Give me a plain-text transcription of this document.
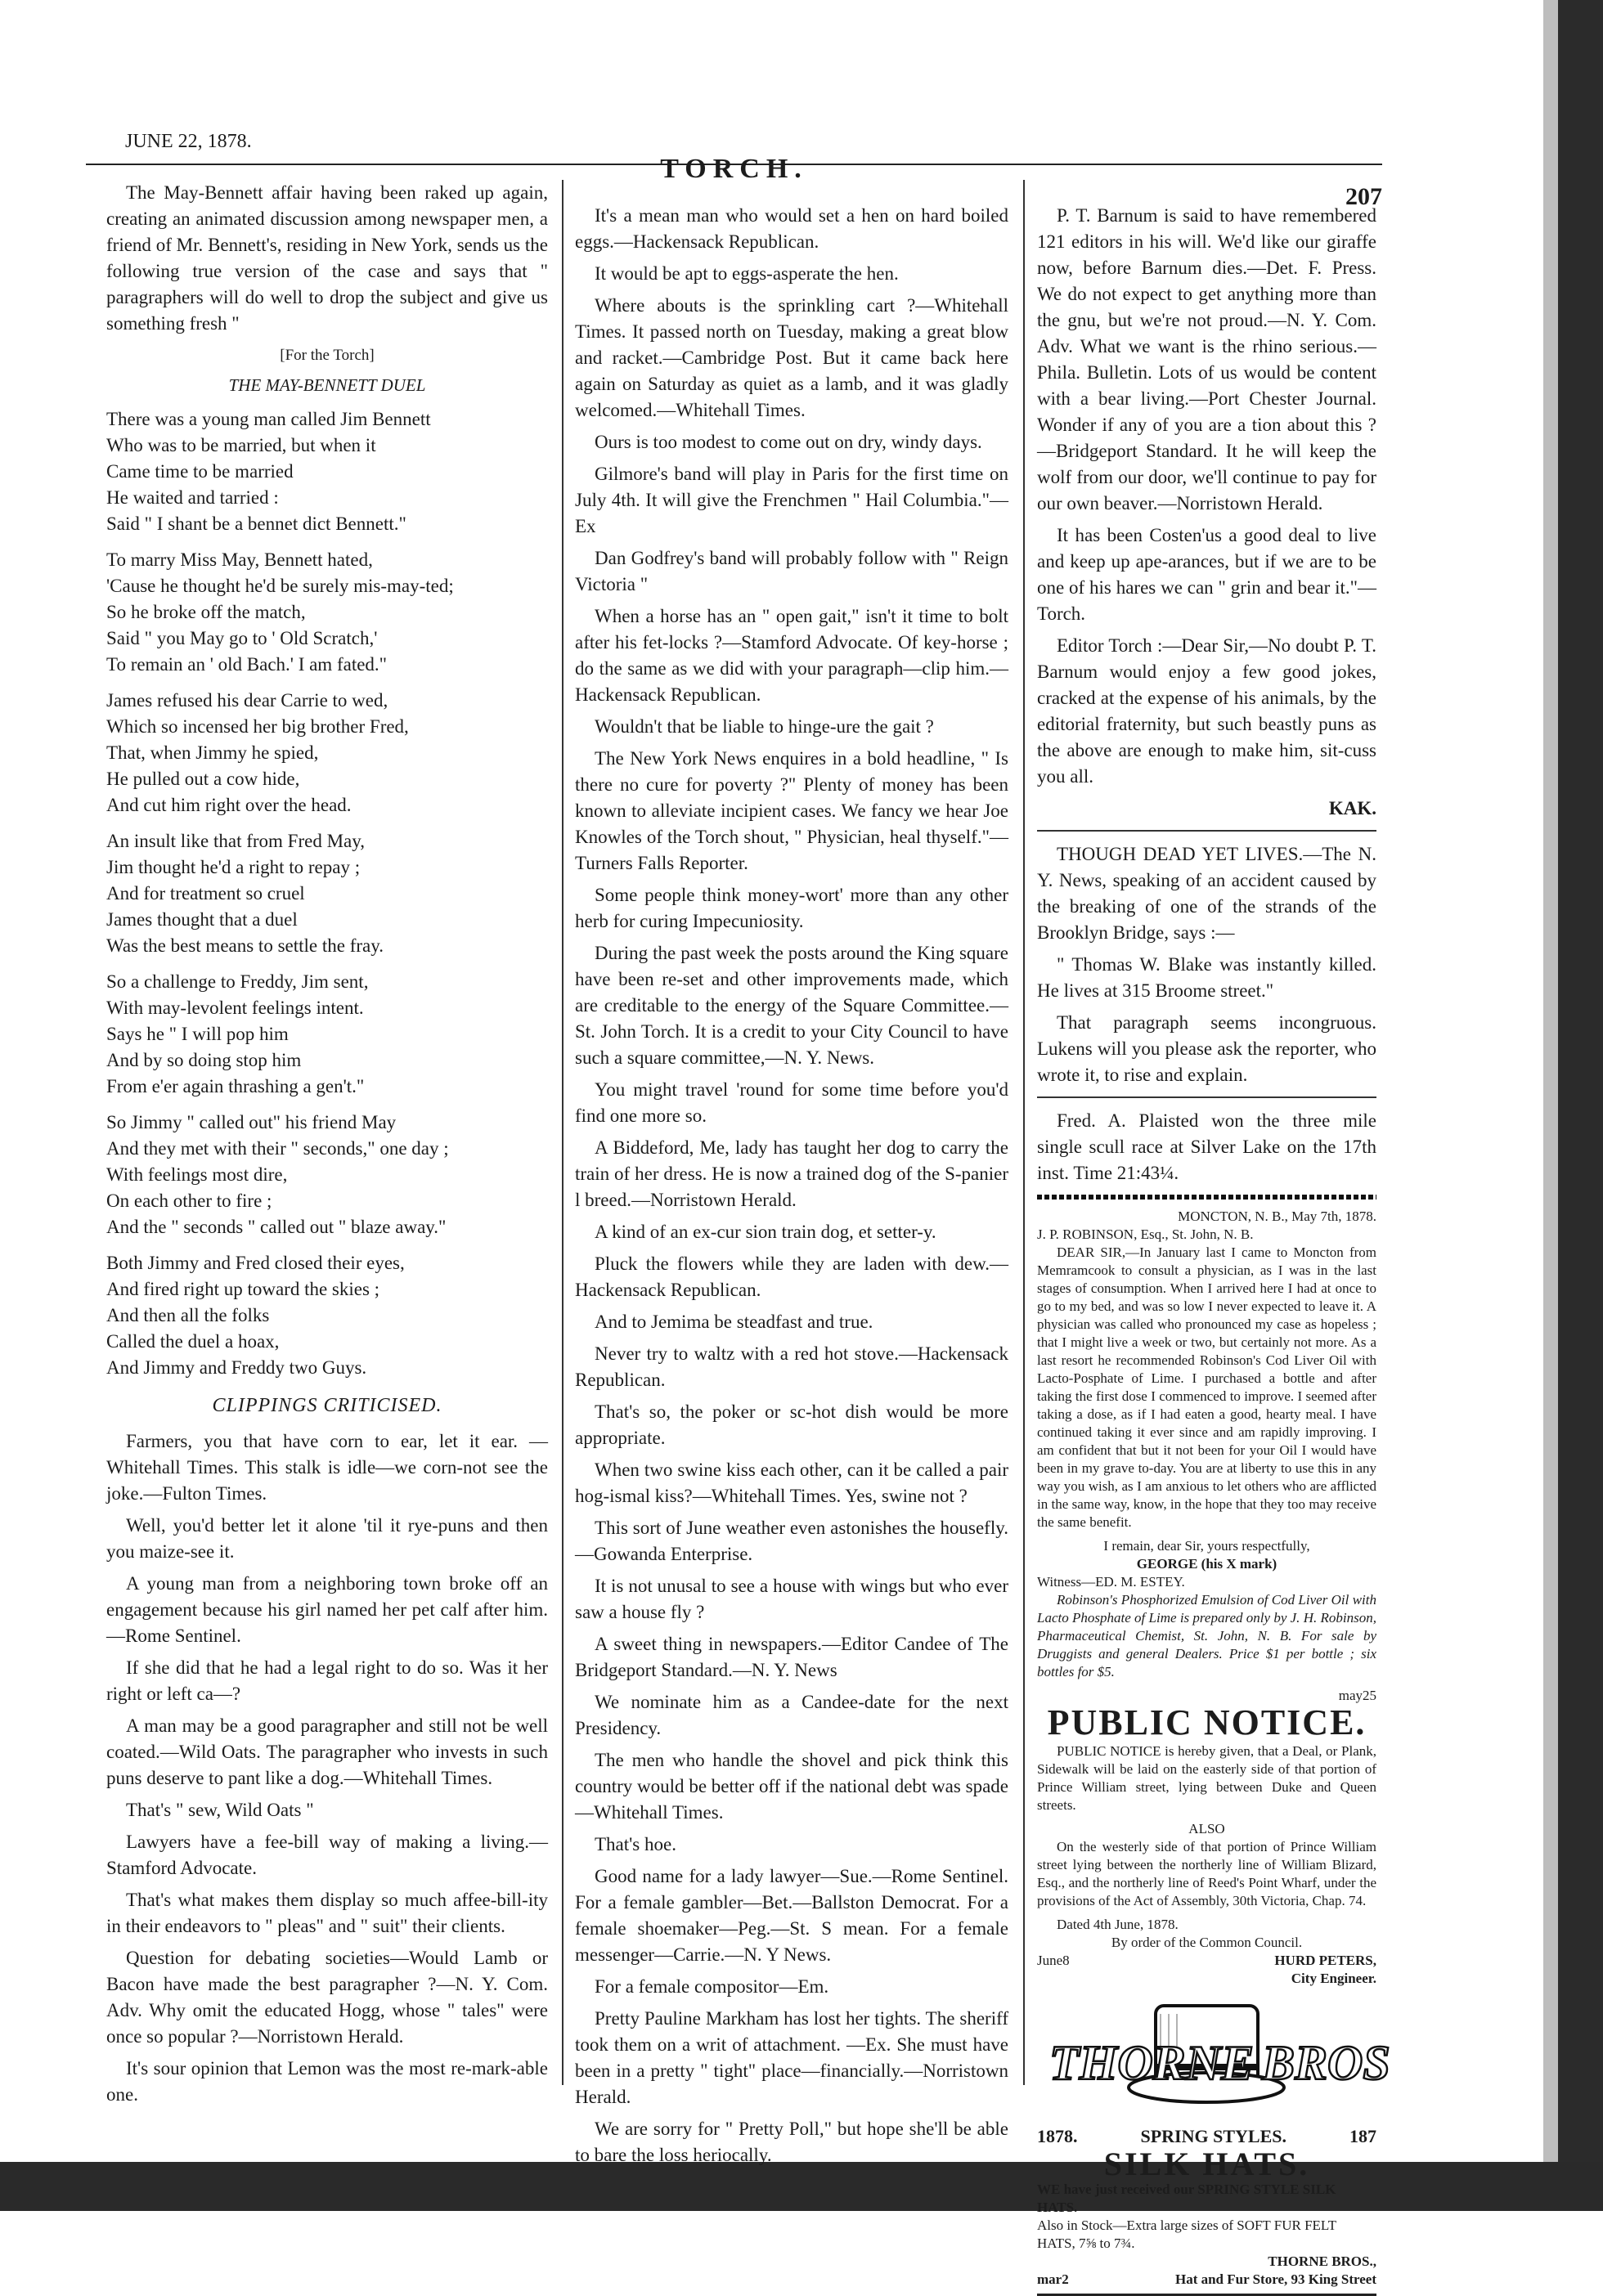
JUNE 22, 1878.
TORCH.
207

The May-Bennett affair having been raked up again, creating an animated discussion among newspaper men, a friend of Mr. Bennett's, residing in New York, sends us the following true version of the case and says that " paragraphers will do well to drop the subject and give us something fresh "

[For the Torch]
THE MAY-BENNETT DUEL
There was a young man called Jim Bennett
Who was to be married, but when it
Came time to be married
He waited and tarried :
Said " I shant be a bennet dict Bennett."
To marry Miss May, Bennett hated,
'Cause he thought he'd be surely mis-may-ted;
So he broke off the match,
Said " you May go to ' Old Scratch,'
To remain an ' old Bach.' I am fated."
James refused his dear Carrie to wed,
Which so incensed her big brother Fred,
That, when Jimmy he spied,
He pulled out a cow hide,
And cut him right over the head.
An insult like that from Fred May,
Jim thought he'd a right to repay ;
And for treatment so cruel
James thought that a duel
Was the best means to settle the fray.
So a challenge to Freddy, Jim sent,
With may-levolent feelings intent.
Says he " I will pop him
And by so doing stop him
From e'er again thrashing a gen't."
So Jimmy " called out" his friend May
And they met with their " seconds," one day ;
With feelings most dire,
On each other to fire ;
And the " seconds " called out " blaze away."
Both Jimmy and Fred closed their eyes,
And fired right up toward the skies ;
And then all the folks
Called the duel a hoax,
And Jimmy and Freddy two Guys.
CLIPPINGS CRITICISED.

Farmers, you that have corn to ear, let it ear. —Whitehall Times. This stalk is idle—we corn-not see the joke.—Fulton Times.

Well, you'd better let it alone 'til it rye-puns and then you maize-see it.

A young man from a neighboring town broke off an engagement because his girl named her pet calf after him.—Rome Sentinel.

If she did that he had a legal right to do so. Was it her right or left ca—?

A man may be a good paragrapher and still not be well coated.—Wild Oats. The paragrapher who invests in such puns deserve to pant like a dog.—Whitehall Times.

That's " sew, Wild Oats "

Lawyers have a fee-bill way of making a living.—Stamford Advocate.

That's what makes them display so much affee-bill-ity in their endeavors to " pleas" and " suit" their clients.

Question for debating societies—Would Lamb or Bacon have made the best paragrapher ?—N. Y. Com. Adv. Why omit the educated Hogg, whose " tales" were once so popular ?—Norristown Herald.

It's sour opinion that Lemon was the most re-mark-able one.

It's a mean man who would set a hen on hard boiled eggs.—Hackensack Republican.

It would be apt to eggs-asperate the hen.

Where abouts is the sprinkling cart ?—Whitehall Times. It passed north on Tuesday, making a great blow and racket.—Cambridge Post. But it came back here again on Saturday as quiet as a lamb, and it was gladly welcomed.—Whitehall Times.

Ours is too modest to come out on dry, windy days.

Gilmore's band will play in Paris for the first time on July 4th. It will give the Frenchmen " Hail Columbia."—Ex

Dan Godfrey's band will probably follow with " Reign Victoria "

When a horse has an " open gait," isn't it time to bolt after his fet-locks ?—Stamford Advocate. Of key-horse ; do the same as we did with your paragraph—clip him.—Hackensack Republican.

Wouldn't that be liable to hinge-ure the gait ?

The New York News enquires in a bold headline, " Is there no cure for poverty ?" Plenty of money has been known to alleviate incipient cases. We fancy we hear Joe Knowles of the Torch shout, " Physician, heal thyself."—Turners Falls Reporter.

Some people think money-wort' more than any other herb for curing Impecuniosity.

During the past week the posts around the King square have been re-set and other improvements made, which are creditable to the energy of the Square Committee.—St. John Torch. It is a credit to your City Council to have such a square committee,—N. Y. News.

You might travel 'round for some time before you'd find one more so.

A Biddeford, Me, lady has taught her dog to carry the train of her dress. He is now a trained dog of the S-panier l breed.—Norristown Herald.

A kind of an ex-cur sion train dog, et setter-y.

Pluck the flowers while they are laden with dew.—Hackensack Republican.

And to Jemima be steadfast and true.

Never try to waltz with a red hot stove.—Hackensack Republican.

That's so, the poker or sc-hot dish would be more appropriate.

When two swine kiss each other, can it be called a pair hog-ismal kiss?—Whitehall Times. Yes, swine not ?

This sort of June weather even astonishes the housefly.—Gowanda Enterprise.

It is not unusal to see a house with wings but who ever saw a house fly ?

A sweet thing in newspapers.—Editor Candee of The Bridgeport Standard.—N. Y. News

We nominate him as a Candee-date for the next Presidency.

The men who handle the shovel and pick think this country would be better off if the national debt was spade —Whitehall Times.

That's hoe.

Good name for a lady lawyer—Sue.—Rome Sentinel. For a female gambler—Bet.—Ballston Democrat. For a female shoemaker—Peg.—St. S mean. For a female messenger—Carrie.—N. Y News.

For a female compositor—Em.

Pretty Pauline Markham has lost her tights. The sheriff took them on a writ of attachment. —Ex. She must have been in a pretty " tight" place—financially.—Norristown Herald.

We are sorry for " Pretty Poll," but hope she'll be able to bare the loss heriocally.

P. T. Barnum is said to have remembered 121 editors in his will. We'd like our giraffe now, before Barnum dies.—Det. F. Press. We do not expect to get anything more than the gnu, but we're not proud.—N. Y. Com. Adv. What we want is the rhino serious.—Phila. Bulletin. Lots of us would be content with a bear living.—Port Chester Journal. Wonder if any of you are a tion about this ?—Bridgeport Standard. It he will keep the wolf from our door, we'll continue to pay for our own beaver.—Norristown Herald.

It has been Costen'us a good deal to live and keep up ape-arances, but if we are to be one of his hares we can " grin and bear it."—Torch.

Editor Torch :—Dear Sir,—No doubt P. T. Barnum would enjoy a few good jokes, cracked at the expense of his animals, by the editorial fraternity, but such beastly puns as the above are enough to make him, sit-cuss you all.

KAK.

THOUGH DEAD YET LIVES.—The N. Y. News, speaking of an accident caused by the breaking of one of the strands of the Brooklyn Bridge, says :—

" Thomas W. Blake was instantly killed. He lives at 315 Broome street."

That paragraph seems incongruous. Lukens will you please ask the reporter, who wrote it, to rise and explain.

Fred. A. Plaisted won the three mile single scull race at Silver Lake on the 17th inst. Time 21:43¼.

MONCTON, N. B., May 7th, 1878.
J. P. ROBINSON, Esq., St. John, N. B.

DEAR SIR,—In January last I came to Moncton from Memramcook to consult a physician, as I was in the last stages of consumption. When I arrived here I had at once to go to my bed, and was so low I never expected to leave it. A physician was called who pronounced my case as hopeless ; that I might live a week or two, but certainly not more. As a last resort he recommended Robinson's Cod Liver Oil with Lacto-Posphate of Lime. I purchased a bottle and after taking the first dose I commenced to improve. I seemed after taking a dose, as if I had eaten a good, hearty meal. I have continued taking it ever since and am rapidly improving. I am confident that but it not been for your Oil I would have been in my grave to-day. You are at liberty to use this in any way you wish, as I am anxious to let others who are afflicted in the same way, know, in the hope that they too may receive the same benefit.

I remain, dear Sir, yours respectfully,
GEORGE (his X mark)
Witness—ED. M. ESTEY.

Robinson's Phosphorized Emulsion of Cod Liver Oil with Lacto Phosphate of Lime is prepared only by J. H. Robinson, Pharmaceutical Chemist, St. John, N. B. For sale by Druggists and general Dealers. Price $1 per bottle ; six bottles for $5.

may25
PUBLIC NOTICE.

PUBLIC NOTICE is hereby given, that a Deal, or Plank, Sidewalk will be laid on the easterly side of that portion of Prince William street, lying between Duke and Queen streets.

ALSO

On the westerly side of that portion of Prince William street lying between the northerly line of William Blizard, Esq., and the northerly line of Reed's Point Wharf, under the provisions of the Act of Assembly, 30th Victoria, Chap. 74.

Dated 4th June, 1878.
By order of the Common Council.
June8	HURD PETERS,
City Engineer.
THORNE BROS
1878.	SPRING STYLES.	187
SILK HATS.
WE have just received our SPRING STYLE SILK HATS.
Also in Stock—Extra large sizes of SOFT FUR FELT HATS, 7⅝ to 7¾.
THORNE BROS.,
mar2	Hat and Fur Store, 93 King Street
